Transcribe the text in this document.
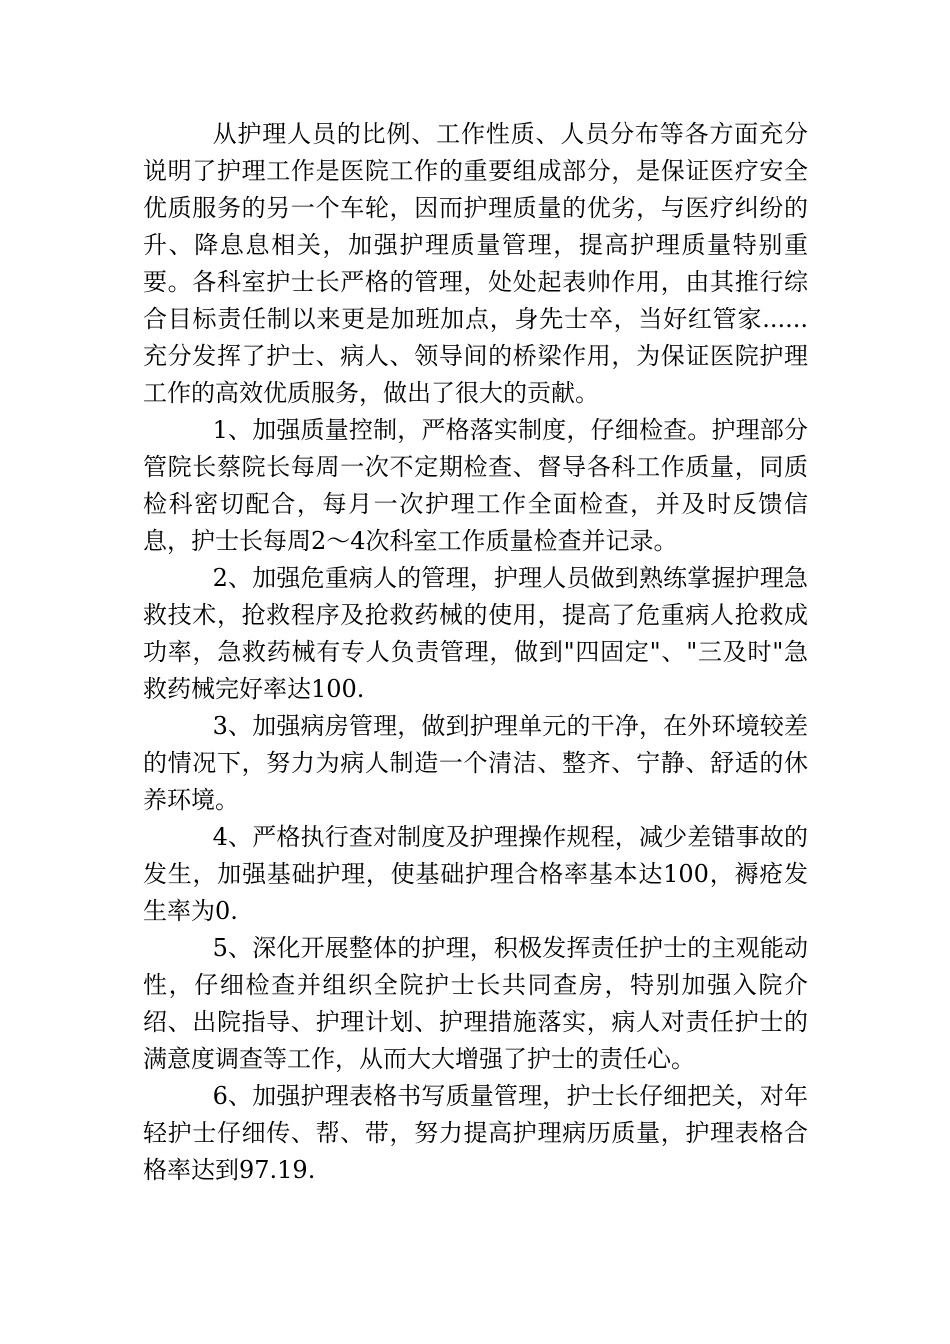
从护理人员的比例、工作性质、人员分布等各方面充分说明了护理工作是医院工作的重要组成部分，是保证医疗安全优质服务的另一个车轮，因而护理质量的优劣，与医疗纠纷的升、降息息相关，加强护理质量管理，提高护理质量特别重要。各科室护士长严格的管理，处处起表帅作用，由其推行综合目标责任制以来更是加班加点，身先士卒，当好红管家......充分发挥了护士、病人、领导间的桥梁作用，为保证医院护理工作的高效优质服务，做出了很大的贡献。

1、加强质量控制，严格落实制度，仔细检查。护理部分管院长蔡院长每周一次不定期检查、督导各科工作质量，同质检科密切配合，每月一次护理工作全面检查，并及时反馈信息，护士长每周2～4次科室工作质量检查并记录。

2、加强危重病人的管理，护理人员做到熟练掌握护理急救技术，抢救程序及抢救药械的使用，提高了危重病人抢救成功率，急救药械有专人负责管理，做到"四固定"、"三及时"急救药械完好率达100.

3、加强病房管理，做到护理单元的干净，在外环境较差的情况下，努力为病人制造一个清洁、整齐、宁静、舒适的休养环境。

4、严格执行查对制度及护理操作规程，减少差错事故的发生，加强基础护理，使基础护理合格率基本达100，褥疮发生率为0.

5、深化开展整体的护理，积极发挥责任护士的主观能动性，仔细检查并组织全院护士长共同查房，特别加强入院介绍、出院指导、护理计划、护理措施落实，病人对责任护士的满意度调查等工作，从而大大增强了护士的责任心。

6、加强护理表格书写质量管理，护士长仔细把关，对年轻护士仔细传、帮、带，努力提高护理病历质量，护理表格合格率达到97.19.
